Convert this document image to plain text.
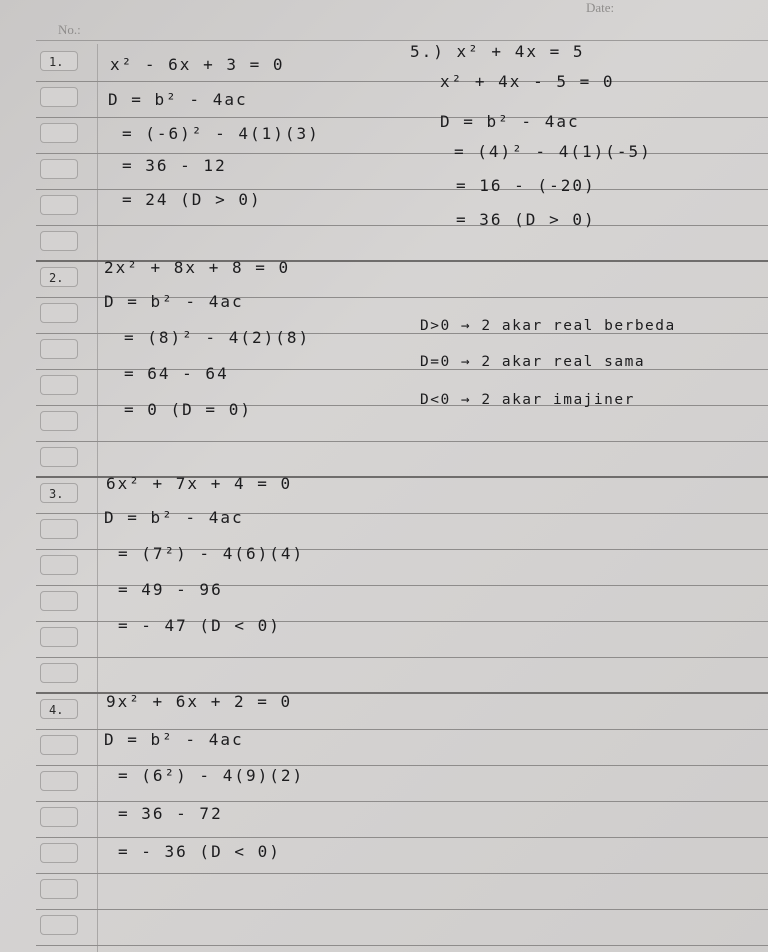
No.:
Date:
1.
2.
3.
4.
x² - 6x + 3 = 0
D = b² - 4ac
= (-6)² - 4(1)(3)
= 36 - 12
= 24 (D > 0)
5.) x² + 4x = 5
x² + 4x - 5 = 0
D = b² - 4ac
= (4)² - 4(1)(-5)
= 16 - (-20)
= 36 (D > 0)
2x² + 8x + 8 = 0
D = b² - 4ac
= (8)² - 4(2)(8)
= 64 - 64
= 0 (D = 0)
D>0 → 2 akar real berbeda
D=0 → 2 akar real sama
D<0 → 2 akar imajiner
6x² + 7x + 4 = 0
D = b² - 4ac
= (7²) - 4(6)(4)
= 49 - 96
= - 47 (D < 0)
9x² + 6x + 2 = 0
D = b² - 4ac
= (6²) - 4(9)(2)
= 36 - 72
= - 36 (D < 0)
